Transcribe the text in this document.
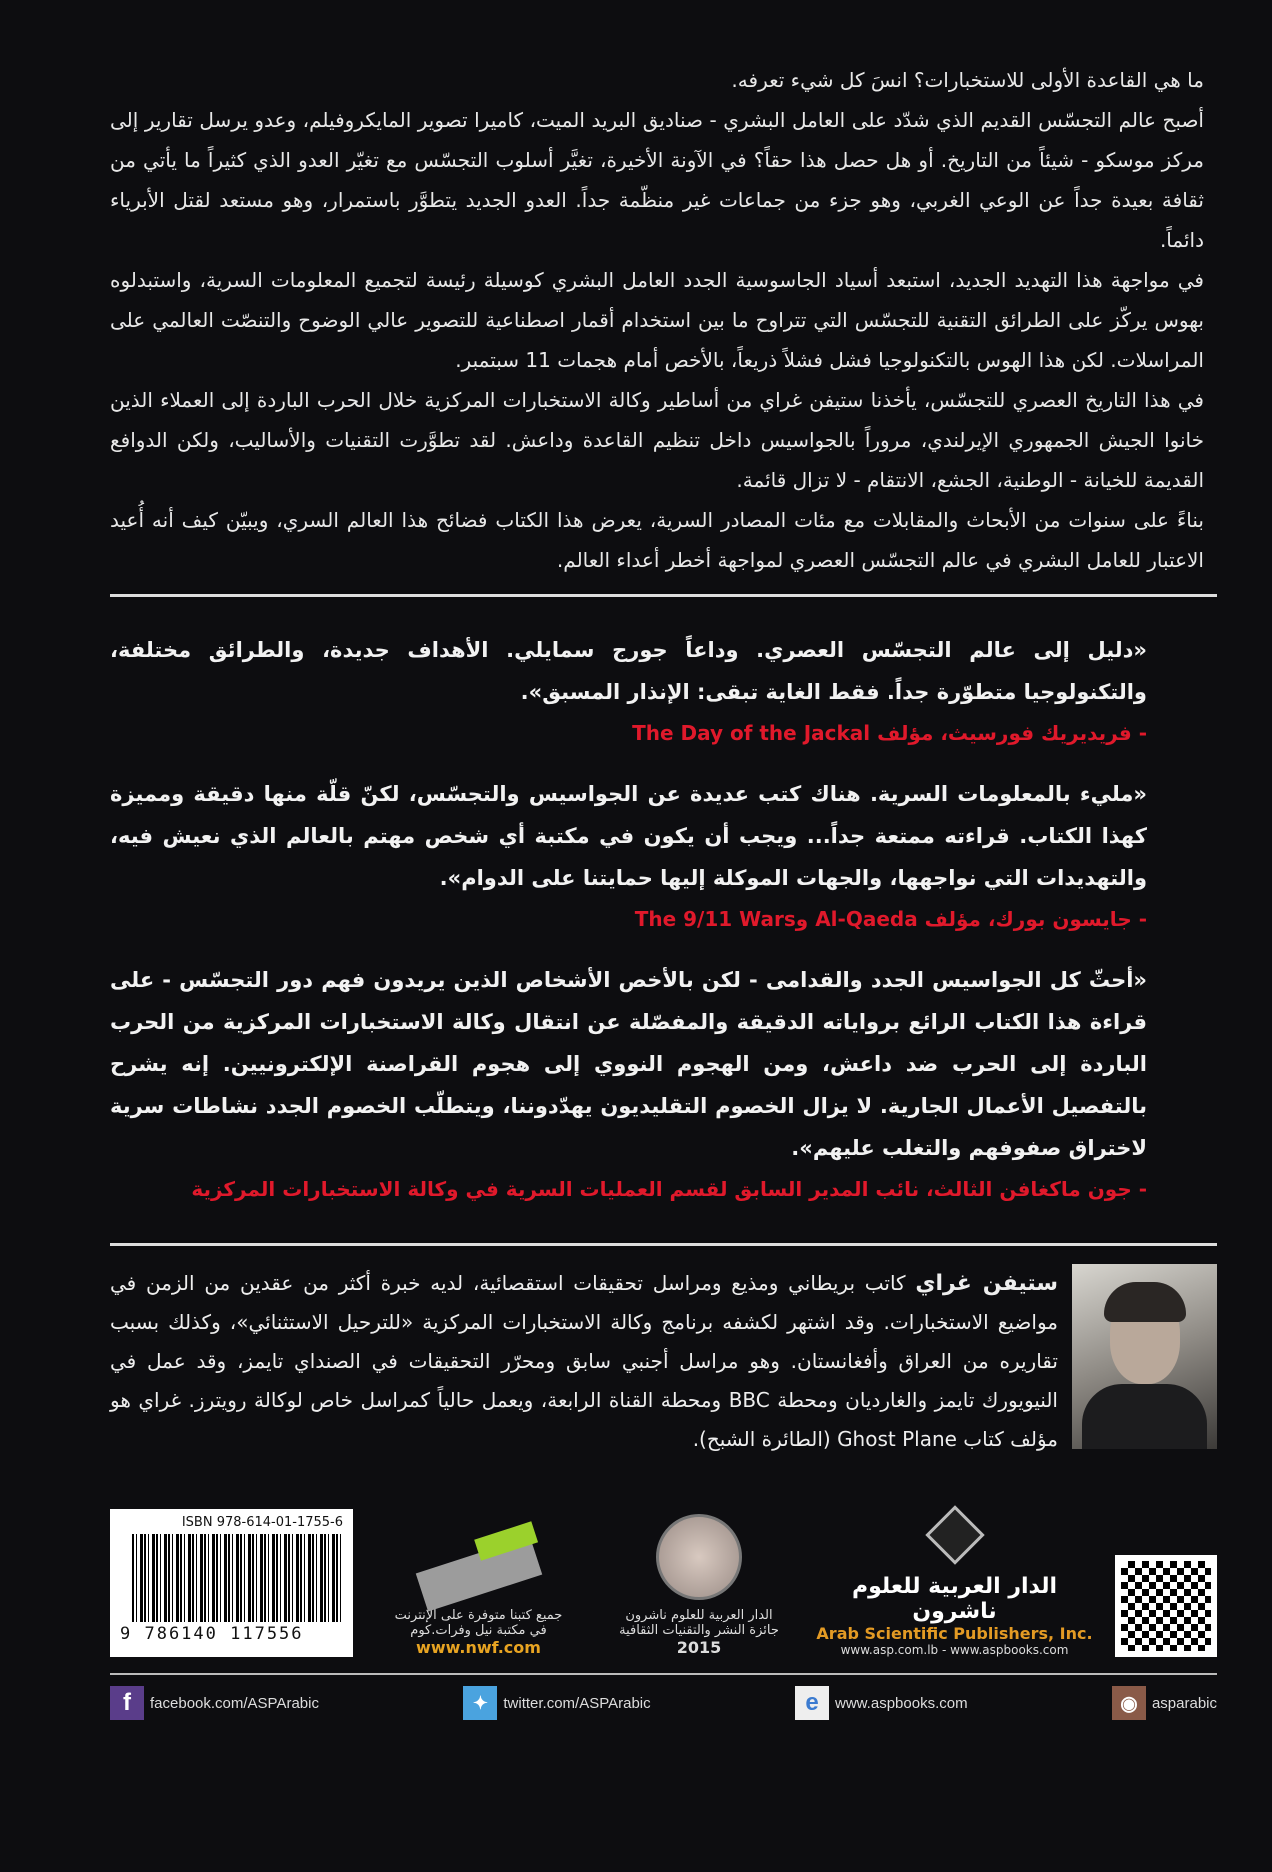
ما هي القاعدة الأولى للاستخبارات؟ انسَ كل شيء تعرفه.

أصبح عالم التجسّس القديم الذي شدّد على العامل البشري - صناديق البريد الميت، كاميرا تصوير المايكروفيلم، وعدو يرسل تقارير إلى مركز موسكو - شيئاً من التاريخ. أو هل حصل هذا حقاً؟ في الآونة الأخيرة، تغيَّر أسلوب التجسّس مع تغيّر العدو الذي كثيراً ما يأتي من ثقافة بعيدة جداً عن الوعي الغربي، وهو جزء من جماعات غير منظّمة جداً. العدو الجديد يتطوَّر باستمرار، وهو مستعد لقتل الأبرياء دائماً.

في مواجهة هذا التهديد الجديد، استبعد أسياد الجاسوسية الجدد العامل البشري كوسيلة رئيسة لتجميع المعلومات السرية، واستبدلوه بهوس يركّز على الطرائق التقنية للتجسّس التي تتراوح ما بين استخدام أقمار اصطناعية للتصوير عالي الوضوح والتنصّت العالمي على المراسلات. لكن هذا الهوس بالتكنولوجيا فشل فشلاً ذريعاً، بالأخص أمام هجمات 11 سبتمبر.

في هذا التاريخ العصري للتجسّس، يأخذنا ستيفن غراي من أساطير وكالة الاستخبارات المركزية خلال الحرب الباردة إلى العملاء الذين خانوا الجيش الجمهوري الإيرلندي، مروراً بالجواسيس داخل تنظيم القاعدة وداعش. لقد تطوَّرت التقنيات والأساليب، ولكن الدوافع القديمة للخيانة - الوطنية، الجشع، الانتقام - لا تزال قائمة.

بناءً على سنوات من الأبحاث والمقابلات مع مئات المصادر السرية، يعرض هذا الكتاب فضائح هذا العالم السري، ويبيّن كيف أنه أُعيد الاعتبار للعامل البشري في عالم التجسّس العصري لمواجهة أخطر أعداء العالم.

«دليل إلى عالم التجسّس العصري. وداعاً جورج سمايلي. الأهداف جديدة، والطرائق مختلفة، والتكنولوجيا متطوّرة جداً. فقط الغاية تبقى: الإنذار المسبق».

- فريديريك فورسيث، مؤلف The Day of the Jackal

«مليء بالمعلومات السرية. هناك كتب عديدة عن الجواسيس والتجسّس، لكنّ قلّة منها دقيقة ومميزة كهذا الكتاب. قراءته ممتعة جداً... ويجب أن يكون في مكتبة أي شخص مهتم بالعالم الذي نعيش فيه، والتهديدات التي نواجهها، والجهات الموكلة إليها حمايتنا على الدوام».

- جايسون بورك، مؤلف Al-Qaeda وThe 9/11 Wars

«أحثّ كل الجواسيس الجدد والقدامى - لكن بالأخص الأشخاص الذين يريدون فهم دور التجسّس - على قراءة هذا الكتاب الرائع برواياته الدقيقة والمفصّلة عن انتقال وكالة الاستخبارات المركزية من الحرب الباردة إلى الحرب ضد داعش، ومن الهجوم النووي إلى هجوم القراصنة الإلكترونيين. إنه يشرح بالتفصيل الأعمال الجارية. لا يزال الخصوم التقليديون يهدّدوننا، ويتطلّب الخصوم الجدد نشاطات سرية لاختراق صفوفهم والتغلب عليهم».

- جون ماكغافن الثالث، نائب المدير السابق لقسم العمليات السرية في وكالة الاستخبارات المركزية

ستيفن غراي كاتب بريطاني ومذيع ومراسل تحقيقات استقصائية، لديه خبرة أكثر من عقدين من الزمن في مواضيع الاستخبارات. وقد اشتهر لكشفه برنامج وكالة الاستخبارات المركزية «للترحيل الاستثنائي»، وكذلك بسبب تقاريره من العراق وأفغانستان. وهو مراسل أجنبي سابق ومحرّر التحقيقات في الصنداي تايمز، وقد عمل في النيويورك تايمز والغارديان ومحطة BBC ومحطة القناة الرابعة، ويعمل حالياً كمراسل خاص لوكالة رويترز. غراي هو مؤلف كتاب Ghost Plane (الطائرة الشبح).
ISBN 978-614-01-1755-6
9 786140 117556
جميع كتبنا متوفرة على الإنترنت
في مكتبة نيل وفرات.كوم
www.nwf.com
الدار العربية للعلوم ناشرون
جائزة النشر والتقنيات الثقافية
2015
الدار العربية للعلوم ناشرون
Arab Scientific Publishers, Inc.
www.asp.com.lb - www.aspbooks.com
f	facebook.com/ASPArabic	✦	twitter.com/ASPArabic	e	www.aspbooks.com	◉ asparabic
